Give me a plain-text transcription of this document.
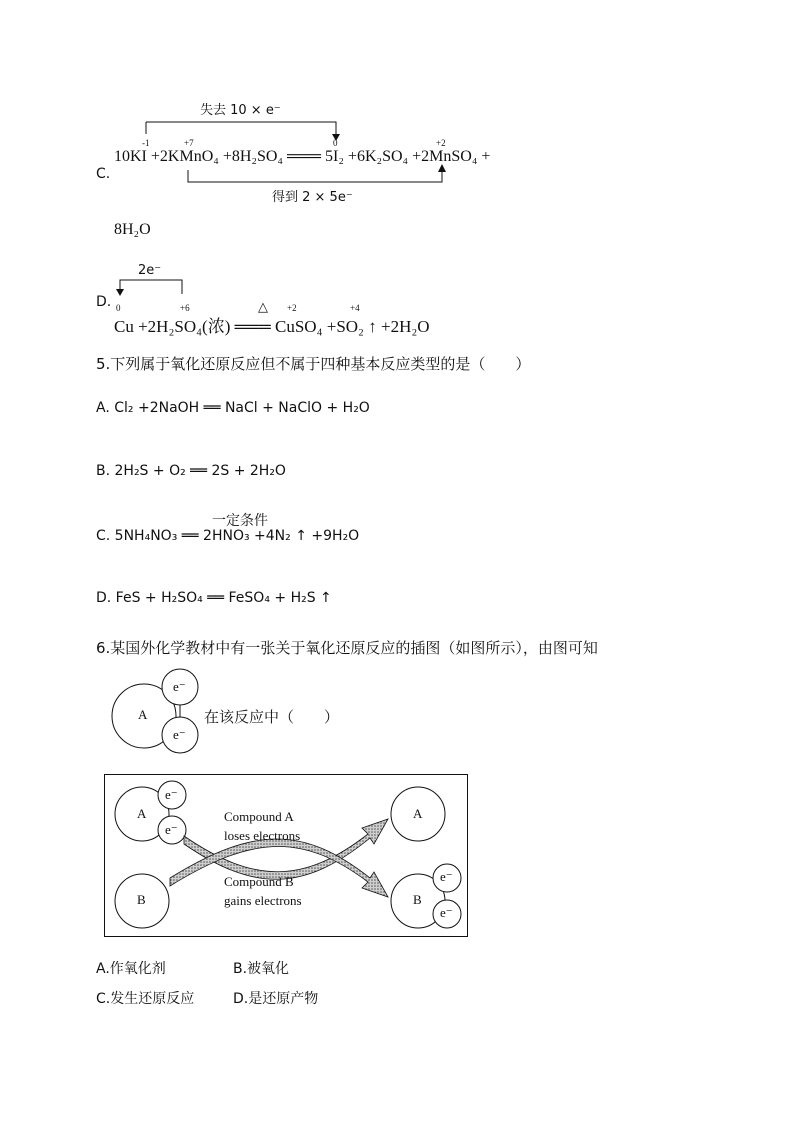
失去 10 × e⁻
得到 2 × 5e⁻
-1	+7	0	+2
C.
10KI +2KMnO₄ +8H₂SO₄ ═══ 5I₂ +6K₂SO₄ +2MnSO₄ +
8H₂O
2e⁻
0	+6	△ +2	+4
D.
Cu +2H₂SO₄(浓) ═══ CuSO₄ +SO₂ ↑ +2H₂O
5.下列属于氧化还原反应但不属于四种基本反应类型的是（　　）
A. Cl₂ +2NaOH ══ NaCl + NaClO + H₂O
B. 2H₂S + O₂ ══ 2S + 2H₂O
一定条件
C. 5NH₄NO₃ ══ 2HNO₃ +4N₂ ↑ +9H₂O
D. FeS + H₂SO₄ ══ FeSO₄ + H₂S ↑
6.某国外化学教材中有一张关于氧化还原反应的插图（如图所示），由图可知
A
e⁻
e⁻
在该反应中（　　）
A
e⁻
e⁻
B
A
B
e⁻
e⁻
Compound A
loses electrons
Compound B
gains electrons
A.作氧化剂	B.被氧化
C.发生还原反应	D.是还原产物
